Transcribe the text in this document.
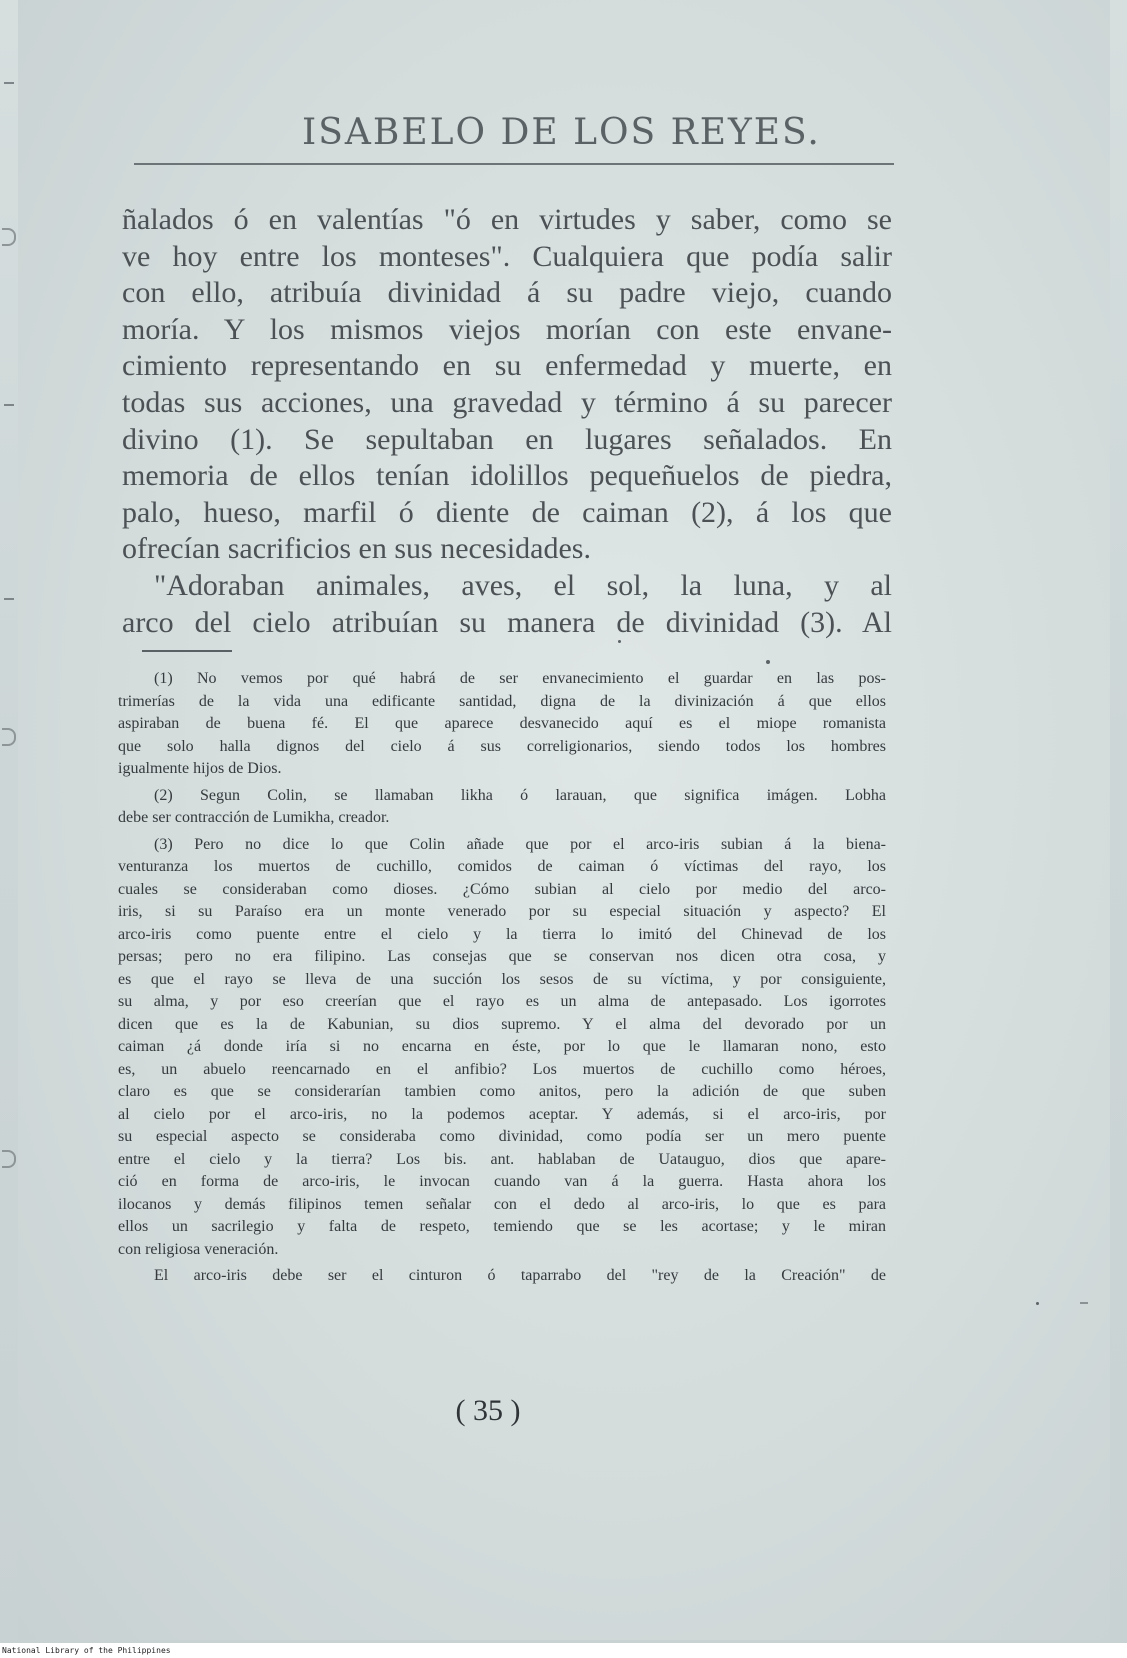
ISABELO DE LOS REYES.
ñalados ó en valentías "ó en virtudes y saber, como se
ve hoy entre los monteses". Cualquiera que podía salir
con ello, atribuía divinidad á su padre viejo, cuando
moría. Y los mismos viejos morían con este envane-
cimiento representando en su enfermedad y muerte, en
todas sus acciones, una gravedad y término á su parecer
divino (1). Se sepultaban en lugares señalados. En
memoria de ellos tenían idolillos pequeñuelos de piedra,
palo, hueso, marfil ó diente de caiman (2), á los que
ofrecían sacrificios en sus necesidades.
"Adoraban animales, aves, el sol, la luna, y al
arco del cielo atribuían su manera de divinidad (3). Al
(1) No vemos por qué habrá de ser envanecimiento el guardar en las pos-
trimerías de la vida una edificante santidad, digna de la divinización á que ellos
aspiraban de buena fé. El que aparece desvanecido aquí es el miope romanista
que solo halla dignos del cielo á sus correligionarios, siendo todos los hombres
igualmente hijos de Dios.
(2) Segun Colin, se llamaban likha ó larauan, que significa imágen. Lobha
debe ser contracción de Lumikha, creador.
(3) Pero no dice lo que Colin añade que por el arco-iris subian á la biena-
venturanza los muertos de cuchillo, comidos de caiman ó víctimas del rayo, los
cuales se consideraban como dioses. ¿Cómo subian al cielo por medio del arco-
iris, si su Paraíso era un monte venerado por su especial situación y aspecto? El
arco-iris como puente entre el cielo y la tierra lo imitó del Chinevad de los
persas; pero no era filipino. Las consejas que se conservan nos dicen otra cosa, y
es que el rayo se lleva de una succión los sesos de su víctima, y por consiguiente,
su alma, y por eso creerían que el rayo es un alma de antepasado. Los igorrotes
dicen que es la de Kabunian, su dios supremo. Y el alma del devorado por un
caiman ¿á donde iría si no encarna en éste, por lo que le llamaran nono, esto
es, un abuelo reencarnado en el anfibio? Los muertos de cuchillo como héroes,
claro es que se considerarían tambien como anitos, pero la adición de que suben
al cielo por el arco-iris, no la podemos aceptar. Y además, si el arco-iris, por
su especial aspecto se consideraba como divinidad, como podía ser un mero puente
entre el cielo y la tierra? Los bis. ant. hablaban de Uatauguo, dios que apare-
ció en forma de arco-iris, le invocan cuando van á la guerra. Hasta ahora los
ilocanos y demás filipinos temen señalar con el dedo al arco-iris, lo que es para
ellos un sacrilegio y falta de respeto, temiendo que se les acortase; y le miran
con religiosa veneración.
El arco-iris debe ser el cinturon ó taparrabo del "rey de la Creación" de
( 35 )
National Library of the Philippines
